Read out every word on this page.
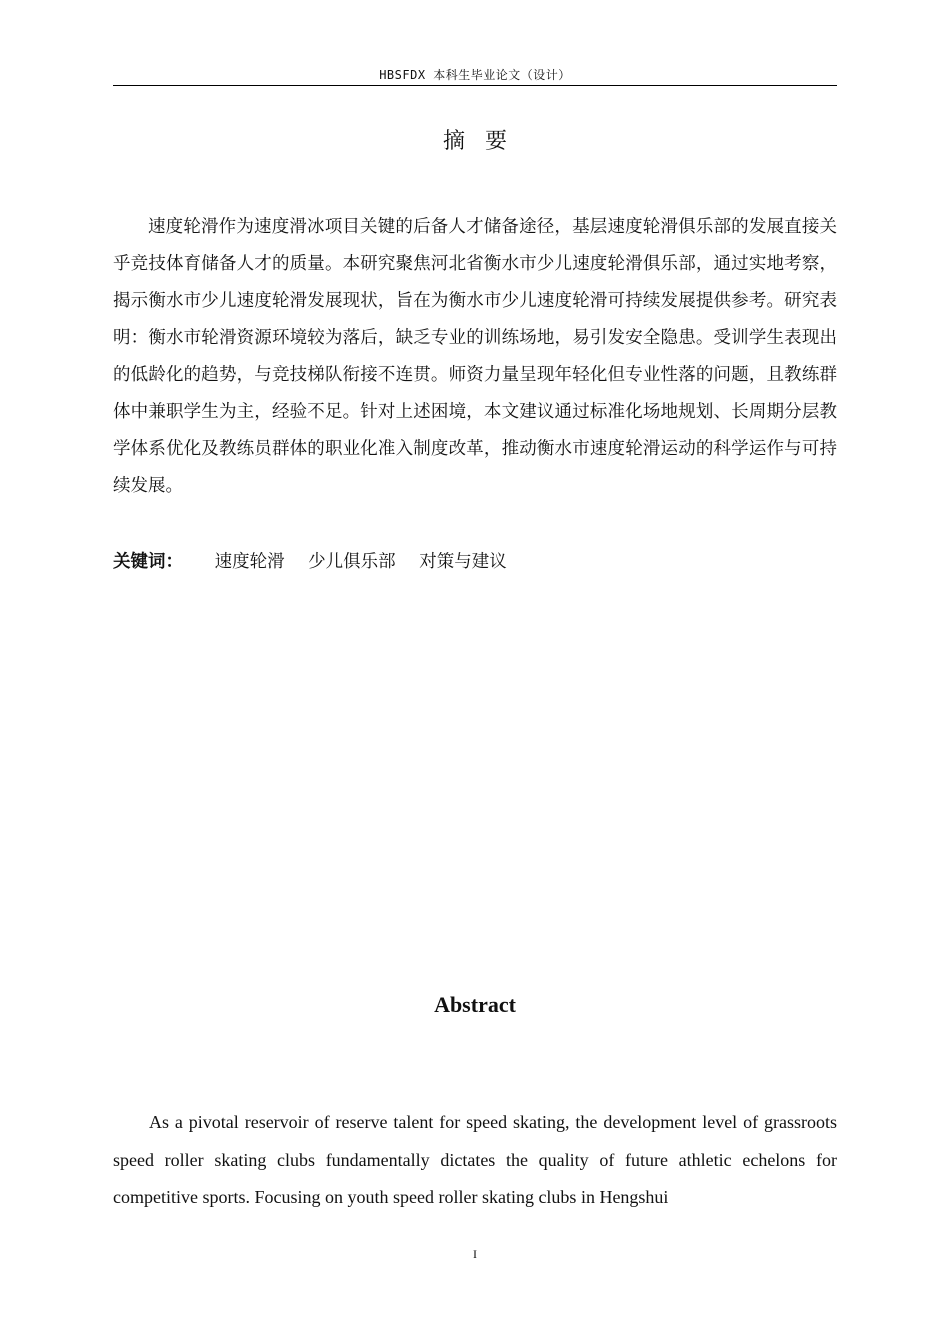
HBSFDX 本科生毕业论文（设计）
摘要
速度轮滑作为速度滑冰项目关键的后备人才储备途径，基层速度轮滑俱乐部的发展直接关乎竞技体育储备人才的质量。本研究聚焦河北省衡水市少儿速度轮滑俱乐部，通过实地考察，揭示衡水市少儿速度轮滑发展现状，旨在为衡水市少儿速度轮滑可持续发展提供参考。研究表明：衡水市轮滑资源环境较为落后，缺乏专业的训练场地，易引发安全隐患。受训学生表现出的低龄化的趋势，与竞技梯队衔接不连贯。师资力量呈现年轻化但专业性落的问题，且教练群体中兼职学生为主，经验不足。针对上述困境，本文建议通过标准化场地规划、长周期分层教学体系优化及教练员群体的职业化准入制度改革，推动衡水市速度轮滑运动的科学运作与可持续发展。
关键词： 速度轮滑 少儿俱乐部 对策与建议
Abstract
As a pivotal reservoir of reserve talent for speed skating, the development level of grassroots speed roller skating clubs fundamentally dictates the quality of future athletic echelons for competitive sports. Focusing on youth speed roller skating clubs in Hengshui
I
